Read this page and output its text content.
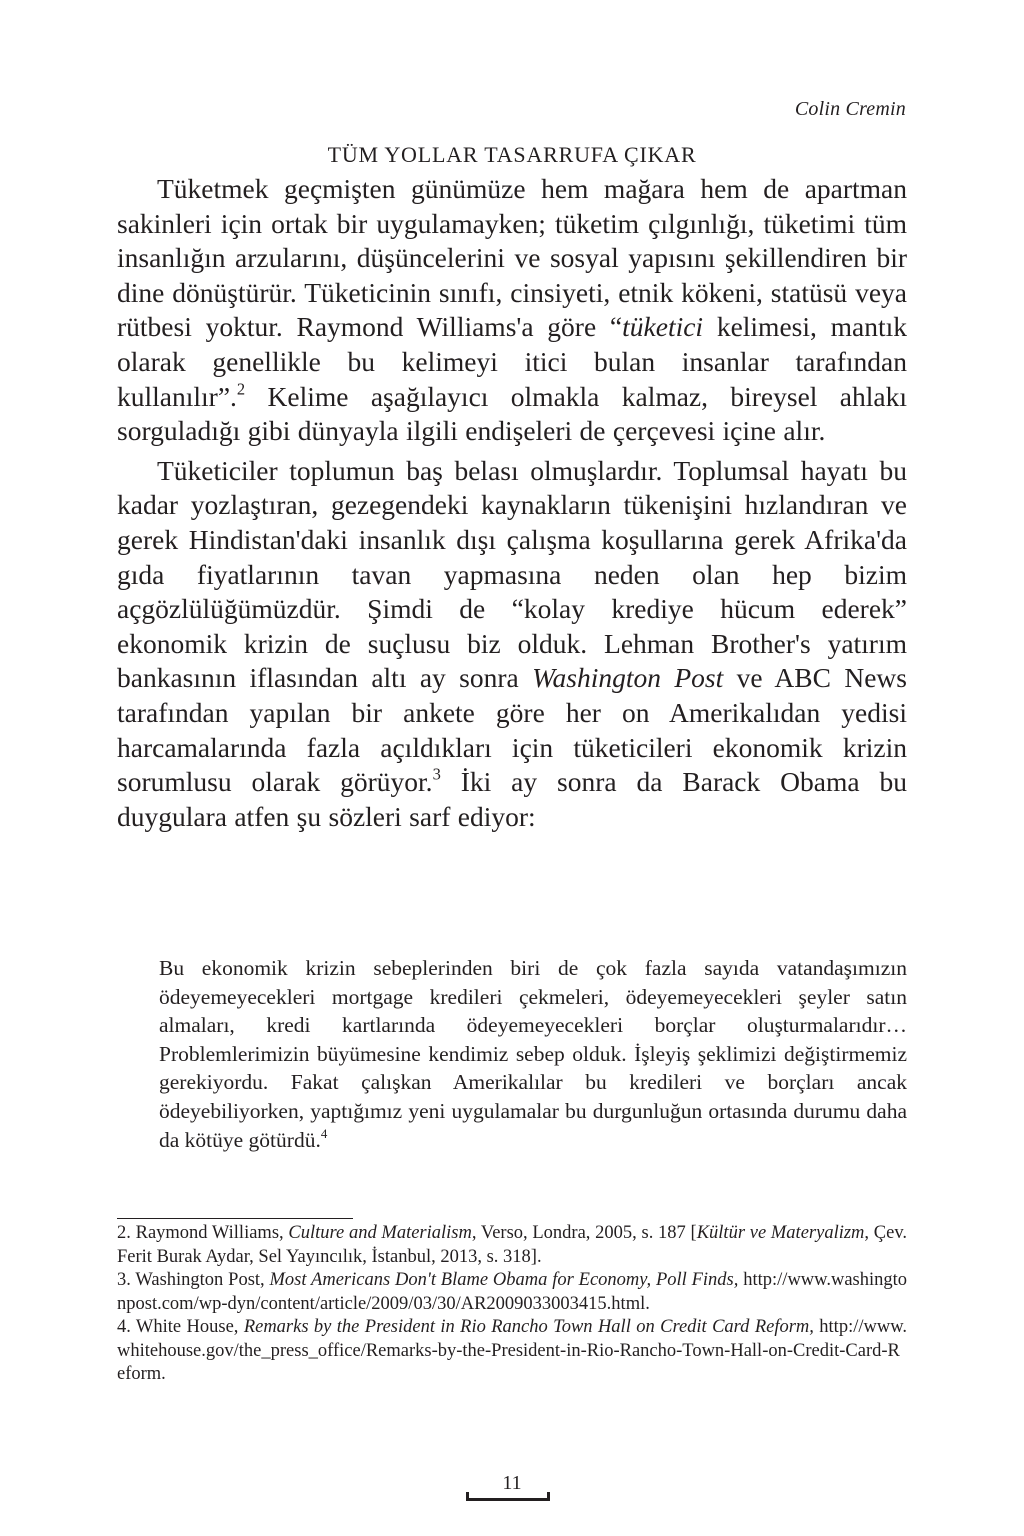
Colin Cremin
TÜM YOLLAR TASARRUFA ÇIKAR

Tüketmek geçmişten günümüze hem mağara hem de apartman sakinleri için ortak bir uygulamayken; tüketim çılgınlığı, tüketimi tüm insanlığın arzularını, düşüncelerini ve sosyal yapısını şekillendiren bir dine dönüştürür. Tüketicinin sınıfı, cinsiyeti, etnik kökeni, statüsü veya rütbesi yoktur. Raymond Williams'a göre “tüketici kelimesi, mantık olarak genellikle bu kelimeyi itici bulan insanlar tarafından kullanılır”.$^2$ Kelime aşağılayıcı olmakla kalmaz, bireysel ahlakı sorguladığı gibi dünyayla ilgili endişeleri de çerçevesi içine alır.

Tüketiciler toplumun baş belası olmuşlardır. Toplumsal hayatı bu kadar yozlaştıran, gezegendeki kaynakların tükenişini hızlandıran ve gerek Hindistan'daki insanlık dışı çalışma koşullarına gerek Afrika'da gıda fiyatlarının tavan yapmasına neden olan hep bizim açgözlülüğümüzdür. Şimdi de “kolay krediye hücum ederek” ekonomik krizin de suçlusu biz olduk. Lehman Brother's yatırım bankasının iflasından altı ay sonra Washington Post ve ABC News tarafından yapılan bir ankete göre her on Amerikalıdan yedisi harcamalarında fazla açıldıkları için tüketicileri ekonomik krizin sorumlusu olarak görüyor.$^3$ İki ay sonra da Barack Obama bu duygulara atfen şu sözleri sarf ediyor:

Bu ekonomik krizin sebeplerinden biri de çok fazla sayıda vatandaşımızın ödeyemeyecekleri mortgage kredileri çekmeleri, ödeyemeyecekleri şeyler satın almaları, kredi kartlarında ödeyemeyecekleri borçlar oluşturmalarıdır… Problemlerimizin büyümesine kendimiz sebep olduk. İşleyiş şeklimizi değiştirmemiz gerekiyordu. Fakat çalışkan Amerikalılar bu kredileri ve borçları ancak ödeyebiliyorken, yaptığımız yeni uygulamalar bu durgunluğun ortasında durumu daha da kötüye götürdü.$^4$

2. Raymond Williams, Culture and Materialism, Verso, Londra, 2005, s. 187 [Kültür ve Materyalizm, Çev. Ferit Burak Aydar, Sel Yayıncılık, İstanbul, 2013, s. 318].

3. Washington Post, Most Americans Don't Blame Obama for Economy, Poll Finds, http://www.washingtonpost.com/wp-dyn/content/article/2009/03/30/AR2009033003415.html.

4. White House, Remarks by the President in Rio Rancho Town Hall on Credit Card Reform, http://www.whitehouse.gov/the_press_office/Remarks-by-the-President-in-Rio-Rancho-Town-Hall-on-Credit-Card-Reform.

11
